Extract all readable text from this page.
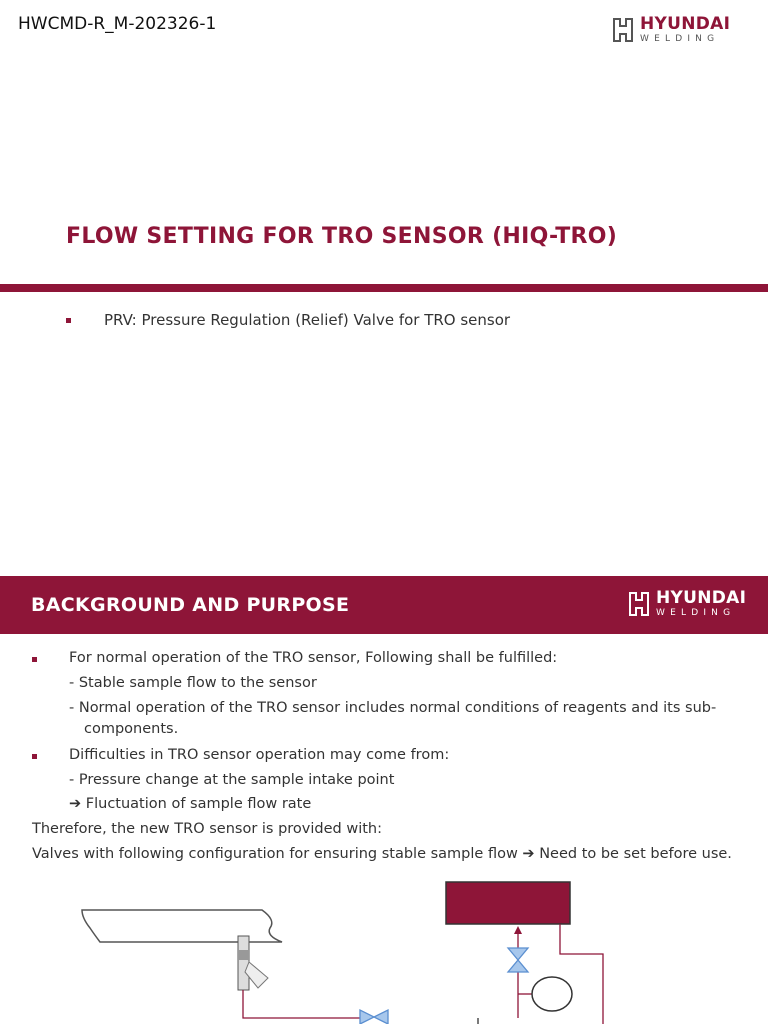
HWCMD-R_M-202326-1	HYUNDAI
WELDING
FLOW SETTING FOR TRO SENSOR (HIQ-TRO)
PRV: Pressure Regulation (Relief) Valve for TRO sensor
BACKGROUND AND PURPOSE	HYUNDAI
WELDING
For normal operation of the TRO sensor, Following shall be fulfilled:
- Stable sample flow to the sensor
- Normal operation of the TRO sensor includes normal conditions of reagents and its sub-
components.
Difficulties in TRO sensor operation may come from:
- Pressure change at the sample intake point
➔ Fluctuation of sample flow rate
Therefore, the new TRO sensor is provided with:
Valves with following configuration for ensuring stable sample flow ➔ Need to be set before use.
